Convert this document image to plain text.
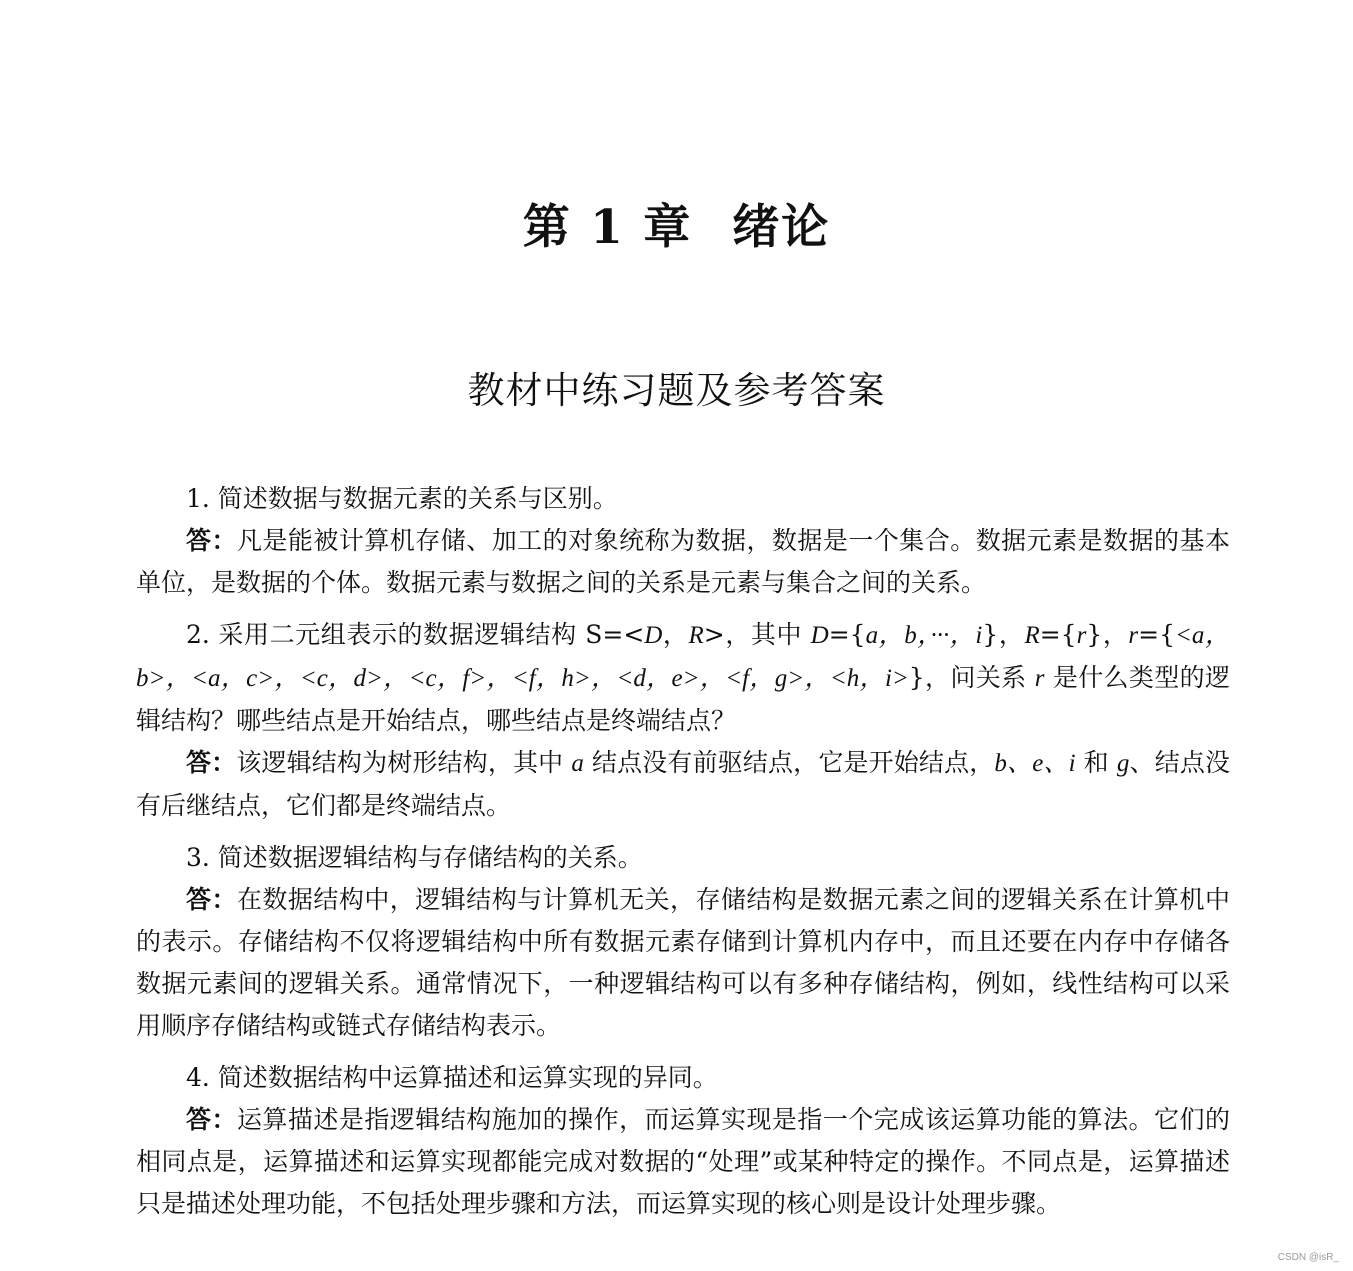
第 1 章 绪论
教材中练习题及参考答案

1. 简述数据与数据元素的关系与区别。

答：凡是能被计算机存储、加工的对象统称为数据，数据是一个集合。数据元素是数据的基本单位，是数据的个体。数据元素与数据之间的关系是元素与集合之间的关系。

2. 采用二元组表示的数据逻辑结构 S=<D，R>，其中 D={a，b，···，i}，R={r}，r={<a，b>，<a，c>，<c，d>，<c，f>，<f，h>，<d，e>，<f，g>，<h，i>}，问关系 r 是什么类型的逻辑结构？哪些结点是开始结点，哪些结点是终端结点？

答：该逻辑结构为树形结构，其中 a 结点没有前驱结点，它是开始结点，b、e、i 和 g、结点没有后继结点，它们都是终端结点。

3. 简述数据逻辑结构与存储结构的关系。

答：在数据结构中，逻辑结构与计算机无关，存储结构是数据元素之间的逻辑关系在计算机中的表示。存储结构不仅将逻辑结构中所有数据元素存储到计算机内存中，而且还要在内存中存储各数据元素间的逻辑关系。通常情况下，一种逻辑结构可以有多种存储结构，例如，线性结构可以采用顺序存储结构或链式存储结构表示。

4. 简述数据结构中运算描述和运算实现的异同。

答：运算描述是指逻辑结构施加的操作，而运算实现是指一个完成该运算功能的算法。它们的相同点是，运算描述和运算实现都能完成对数据的“处理”或某种特定的操作。不同点是，运算描述只是描述处理功能，不包括处理步骤和方法，而运算实现的核心则是设计处理步骤。

CSDN @isR_
